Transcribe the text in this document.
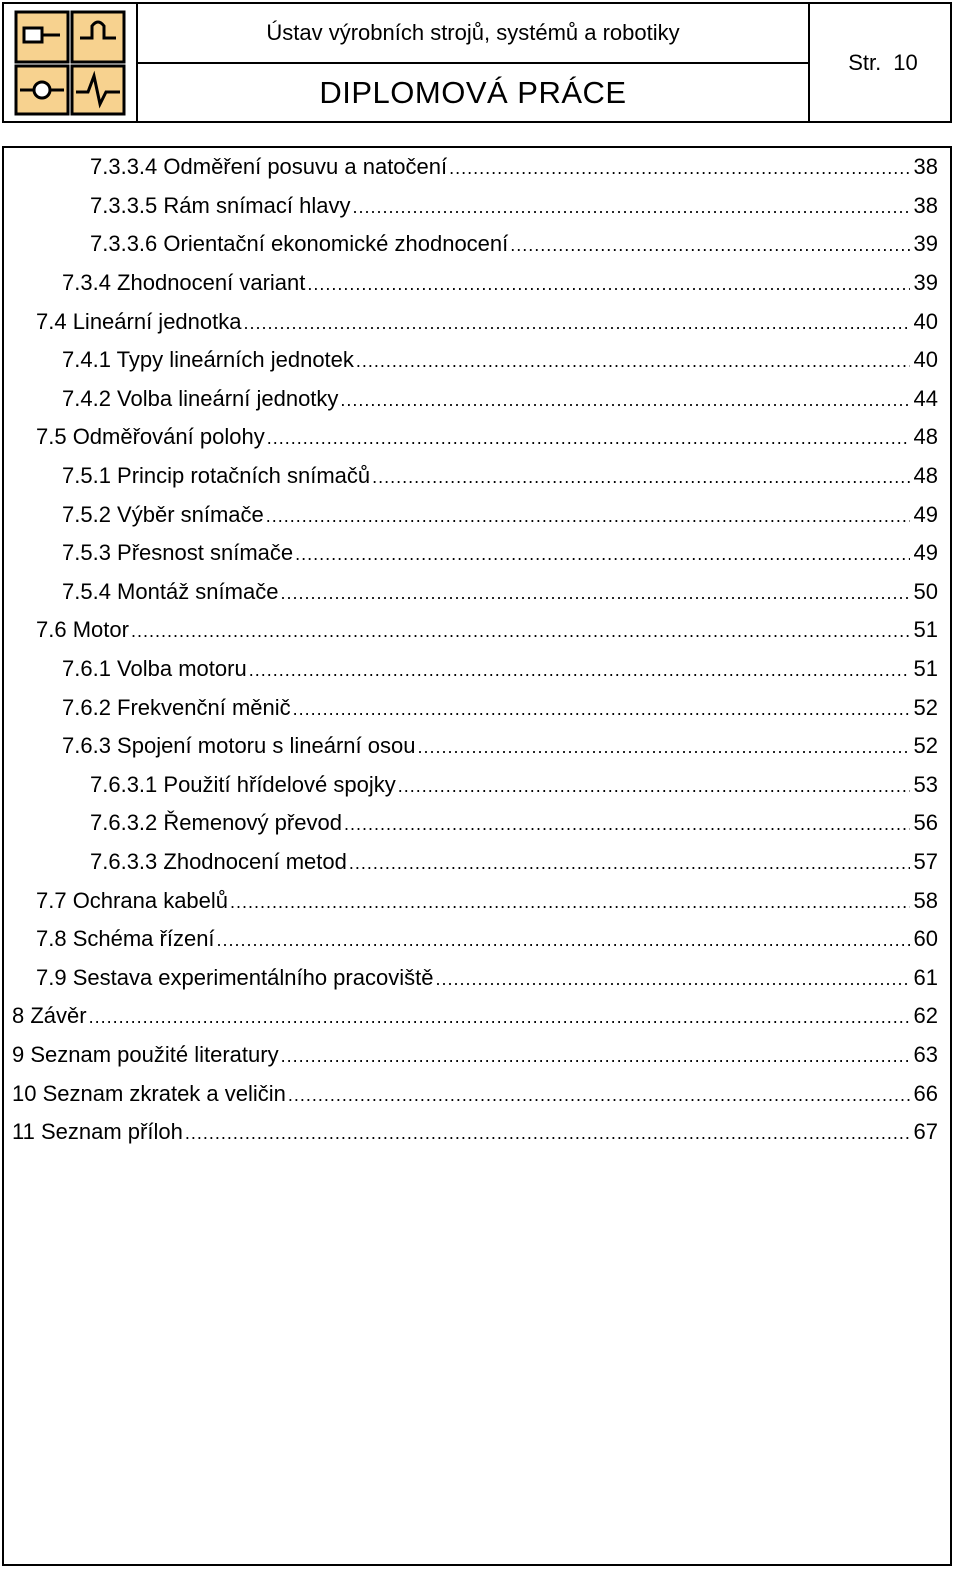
Ústav výrobních strojů, systémů a robotiky
DIPLOMOVÁ PRÁCE
Str. 10
7.3.3.4 Odměření posuvu a natočení .....	38
7.3.3.5 Rám snímací hlavy .....	38
7.3.3.6 Orientační ekonomické zhodnocení .....	39
7.3.4 Zhodnocení variant .....	39
7.4 Lineární jednotka .....	40
7.4.1 Typy lineárních jednotek .....	40
7.4.2 Volba lineární jednotky .....	44
7.5 Odměřování polohy .....	48
7.5.1 Princip rotačních snímačů .....	48
7.5.2 Výběr snímače .....	49
7.5.3 Přesnost snímače .....	49
7.5.4 Montáž snímače .....	50
7.6 Motor .....	51
7.6.1 Volba motoru .....	51
7.6.2 Frekvenční měnič .....	52
7.6.3 Spojení motoru s lineární osou .....	52
7.6.3.1 Použití hřídelové spojky .....	53
7.6.3.2 Řemenový převod .....	56
7.6.3.3 Zhodnocení metod .....	57
7.7 Ochrana kabelů .....	58
7.8 Schéma řízení .....	60
7.9 Sestava experimentálního pracoviště .....	61
8 Závěr .....	62
9 Seznam použité literatury .....	63
10 Seznam zkratek a veličin .....	66
11 Seznam příloh .....	67
